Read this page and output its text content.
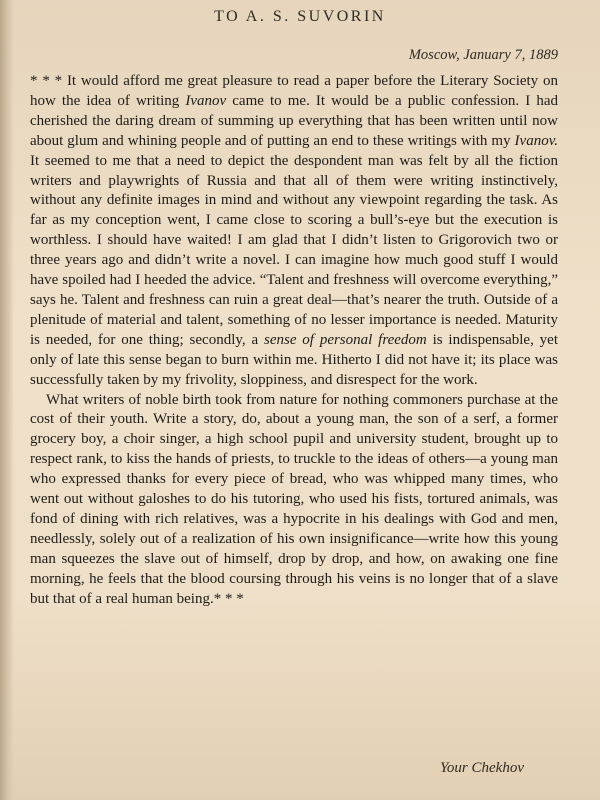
TO A. S. SUVORIN
Moscow, January 7, 1889

* * * It would afford me great pleasure to read a paper before the Literary Society on how the idea of writing Ivanov came to me. It would be a public confession. I had cherished the daring dream of summing up everything that has been written until now about glum and whining people and of putting an end to these writings with my Ivanov. It seemed to me that a need to depict the despondent man was felt by all the fiction writers and playwrights of Russia and that all of them were writing instinctively, without any definite images in mind and without any viewpoint regarding the task. As far as my conception went, I came close to scoring a bull’s-eye but the execution is worthless. I should have waited! I am glad that I didn’t listen to Grigorovich two or three years ago and didn’t write a novel. I can imagine how much good stuff I would have spoiled had I heeded the advice. “Talent and freshness will overcome everything,” says he. Talent and freshness can ruin a great deal—that’s nearer the truth. Outside of a plenitude of material and talent, something of no lesser importance is needed. Maturity is needed, for one thing; secondly, a sense of personal freedom is indispensable, yet only of late this sense began to burn within me. Hitherto I did not have it; its place was successfully taken by my frivolity, sloppiness, and disrespect for the work.

What writers of noble birth took from nature for nothing commoners purchase at the cost of their youth. Write a story, do, about a young man, the son of a serf, a former grocery boy, a choir singer, a high school pupil and university student, brought up to respect rank, to kiss the hands of priests, to truckle to the ideas of others—a young man who expressed thanks for every piece of bread, who was whipped many times, who went out without galoshes to do his tutoring, who used his fists, tortured animals, was fond of dining with rich relatives, was a hypocrite in his dealings with God and men, needlessly, solely out of a realization of his own insignificance—write how this young man squeezes the slave out of himself, drop by drop, and how, on awaking one fine morning, he feels that the blood coursing through his veins is no longer that of a slave but that of a real human being.* * *

Your Chekhov
